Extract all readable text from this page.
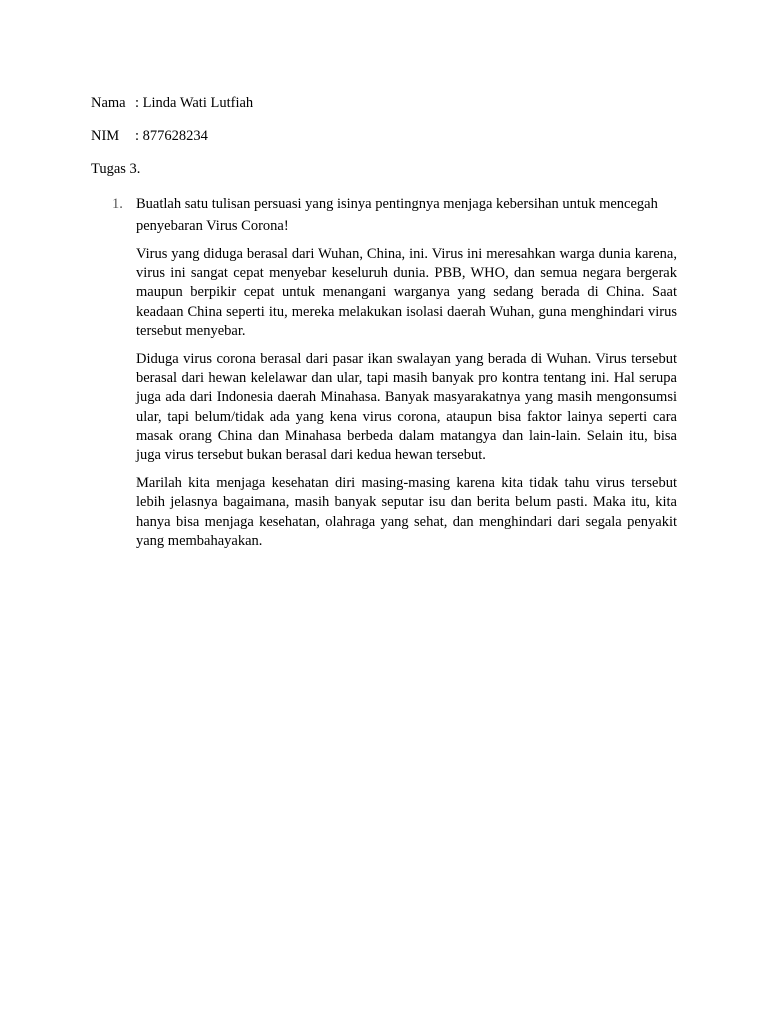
Nama : Linda Wati Lutfiah
NIM : 877628234
Tugas 3.
1. Buatlah satu tulisan persuasi yang isinya pentingnya menjaga kebersihan untuk mencegah penyebaran Virus Corona!

Virus yang diduga berasal dari Wuhan, China, ini. Virus ini meresahkan warga dunia karena, virus ini sangat cepat menyebar keseluruh dunia. PBB, WHO, dan semua negara bergerak maupun berpikir cepat untuk menangani warganya yang sedang berada di China. Saat keadaan China seperti itu, mereka melakukan isolasi daerah Wuhan, guna menghindari virus tersebut menyebar.

Diduga virus corona berasal dari pasar ikan swalayan yang berada di Wuhan. Virus tersebut berasal dari hewan kelelawar dan ular, tapi masih banyak pro kontra tentang ini. Hal serupa juga ada dari Indonesia daerah Minahasa. Banyak masyarakatnya yang masih mengonsumsi ular, tapi belum/tidak ada yang kena virus corona, ataupun bisa faktor lainya seperti cara masak orang China dan Minahasa berbeda dalam matangya dan lain-lain. Selain itu, bisa juga virus tersebut bukan berasal dari kedua hewan tersebut.

Marilah kita menjaga kesehatan diri masing-masing karena kita tidak tahu virus tersebut lebih jelasnya bagaimana, masih banyak seputar isu dan berita belum pasti. Maka itu, kita hanya bisa menjaga kesehatan, olahraga yang sehat, dan menghindari dari segala penyakit yang membahayakan.
